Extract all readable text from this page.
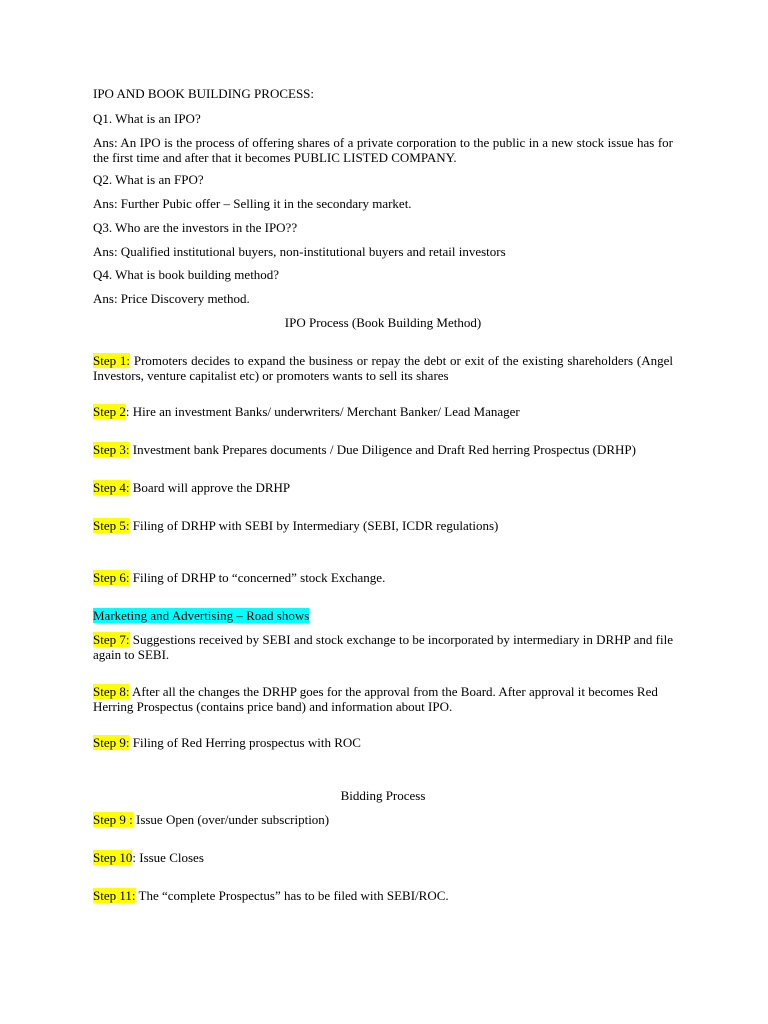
IPO AND BOOK BUILDING PROCESS:
Q1. What is an IPO?
Ans: An IPO is the process of offering shares of a private corporation to the public in a new stock issue has for the first time and after that it becomes PUBLIC LISTED COMPANY.
Q2. What is an FPO?
Ans: Further Pubic offer – Selling it in the secondary market.
Q3. Who are the investors in the IPO??
Ans: Qualified institutional buyers, non-institutional buyers and retail investors
Q4. What is book building method?
Ans: Price Discovery method.
IPO Process (Book Building Method)
Step 1: Promoters decides to expand the business or repay the debt or exit of the existing shareholders (Angel Investors, venture capitalist etc) or promoters wants to sell its shares
Step 2: Hire an investment Banks/ underwriters/ Merchant Banker/ Lead Manager
Step 3: Investment bank Prepares documents / Due Diligence and Draft Red herring Prospectus (DRHP)
Step 4: Board will approve the DRHP
Step 5: Filing of DRHP with SEBI by Intermediary (SEBI, ICDR regulations)
Step 6: Filing of DRHP to “concerned” stock Exchange.
Marketing and Advertising – Road shows
Step 7: Suggestions received by SEBI and stock exchange to be incorporated by intermediary in DRHP and file again to SEBI.
Step 8: After all the changes the DRHP goes for the approval from the Board. After approval it becomes Red Herring Prospectus (contains price band) and information about IPO.
Step 9: Filing of Red Herring prospectus with ROC
Bidding Process
Step 9 : Issue Open (over/under subscription)
Step 10: Issue Closes
Step 11: The “complete Prospectus” has to be filed with SEBI/ROC.
